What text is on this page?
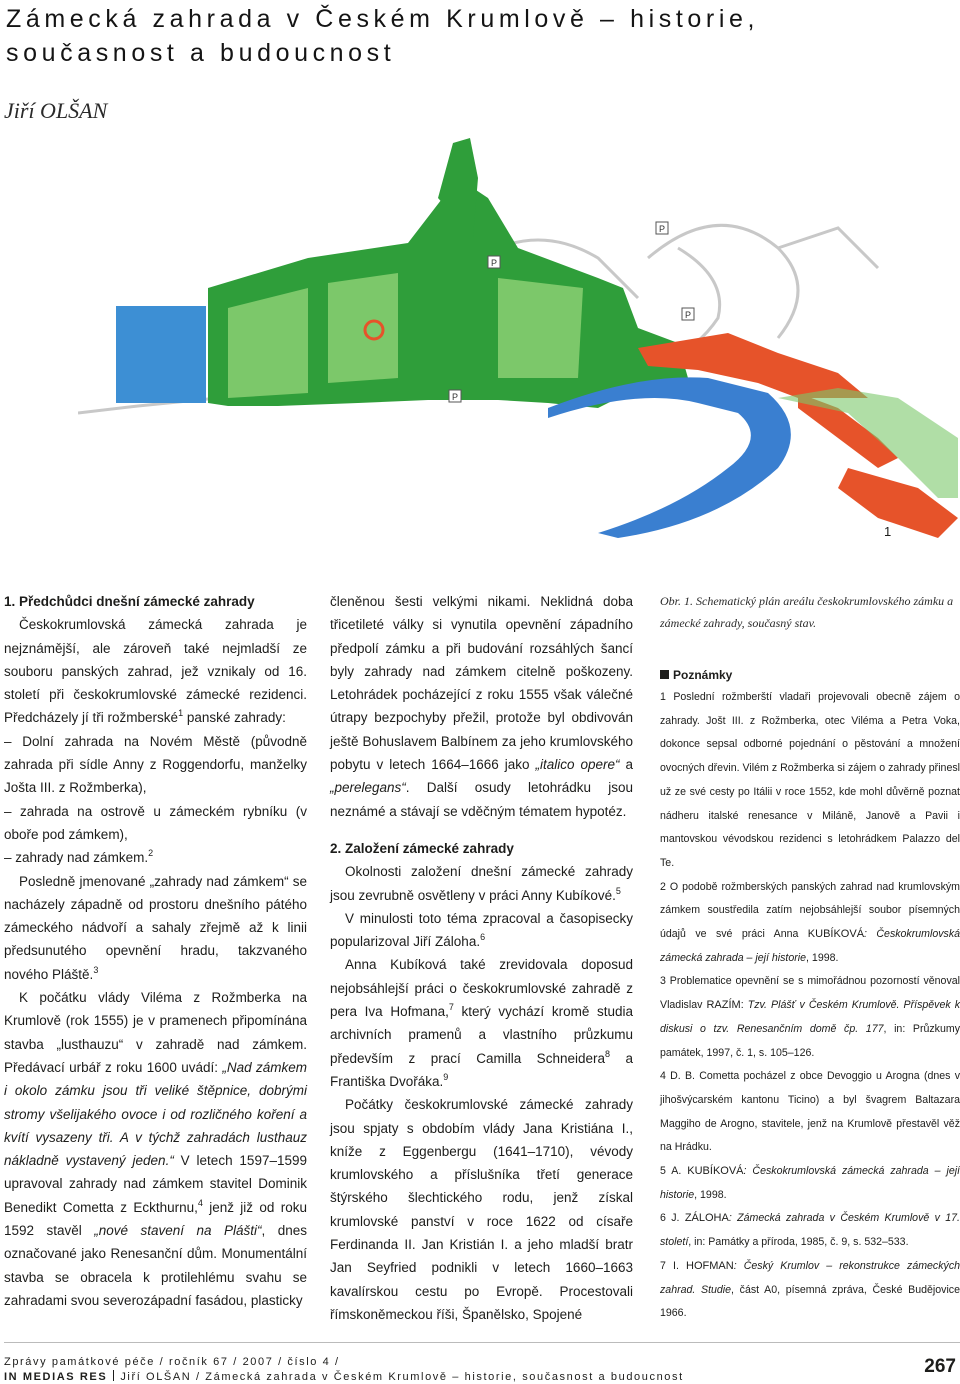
Zámecká zahrada v Českém Krumlově – historie, současnost a budoucnost
Jiří OLŠAN
P
P
P
P
1
1. Předchůdci dnešní zámecké zahrady

Českokrumlovská zámecká zahrada je nejznámější, ale zároveň také nejmladší ze souboru panských zahrad, jež vznikaly od 16. století při českokrumlovské zámecké rezidenci. Předcházely jí tři rožmberské$^1$ panské zahrady:

– Dolní zahrada na Novém Městě (původně zahrada při sídle Anny z Roggendorfu, manželky Jošta III. z Rožmberka),

– zahrada na ostrově u zámeckém rybníku (v oboře pod zámkem),

– zahrady nad zámkem.$^2$

Posledně jmenované „zahrady nad zámkem“ se nacházely západně od prostoru dnešního pátého zámeckého nádvoří a sahaly zřejmě až k linii předsunutého opevnění hradu, takzvaného nového Pláště.$^3$

K počátku vlády Viléma z Rožmberka na Krumlově (rok 1555) je v pramenech připomínána stavba „lusthauzu“ v zahradě nad zámkem. Předávací urbář z roku 1600 uvádí: „Nad zámkem i okolo zámku jsou tři veliké štěpnice, dobrými stromy všelijakého ovoce i od rozličného koření a kvítí vysazeny tři. A v týchž zahradách lusthauz nákladně vystavený jeden.“ V letech 1597–1599 upravoval zahrady nad zámkem stavitel Dominik Benedikt Cometta z Eckthurnu,$^4$ jenž již od roku 1592 stavěl „nové stavení na Plášti“, dnes označované jako Renesanční dům. Monumentální stavba se obracela k protilehlému svahu se zahradami svou severozápadní fasádou, plasticky

členěnou šesti velkými nikami. Neklidná doba třicetileté války si vynutila opevnění západního předpolí zámku a při budování rozsáhlých šancí byly zahrady nad zámkem citelně poškozeny. Letohrádek pocházející z roku 1555 však válečné útrapy bezpochyby přežil, protože byl obdivován ještě Bohuslavem Balbínem za jeho krumlovského pobytu v letech 1664–1666 jako „italico opere“ a „perelegans“. Další osudy letohrádku jsou neznámé a stávají se vděčným tématem hypotéz.

2. Založení zámecké zahrady

Okolnosti založení dnešní zámecké zahrady jsou zevrubně osvětleny v práci Anny Kubíkové.$^5$

V minulosti toto téma zpracoval a časopisecky popularizoval Jiří Záloha.$^6$

Anna Kubíková také zrevidovala doposud nejobsáhlejší práci o českokrumlovské zahradě z pera Iva Hofmana,$^7$ který vychází kromě studia archivních pramenů a vlastního průzkumu především z prací Camilla Schneidera$^8$ a Františka Dvořáka.$^9$

Počátky českokrumlovské zámecké zahrady jsou spjaty s obdobím vlády Jana Kristiána I., kníže z Eggenbergu (1641–1710), vévody krumlovského a příslušníka třetí generace štýrského šlechtického rodu, jenž získal krumlovské panství v roce 1622 od císaře Ferdinanda II. Jan Kristián I. a jeho mladší bratr Jan Seyfried podnikli v letech 1660–1663 kavalírskou cestu po Evropě. Procestovali římskoněmeckou říši, Španělsko, Spojené

Obr. 1. Schematický plán areálu českokrumlovského zámku a zámecké zahrady, současný stav.
Poznámky

1 Poslední rožmberští vladaři projevovali obecně zájem o zahrady. Jošt III. z Rožmberka, otec Viléma a Petra Voka, dokonce sepsal odborné pojednání o pěstování a množení ovocných dřevin. Vilém z Rožmberka si zájem o zahrady přinesl už ze své cesty po Itálii v roce 1552, kde mohl důvěrně poznat nádheru italské renesance v Miláně, Janově a Pavii i mantovskou vévodskou rezidenci s letohrádkem Palazzo del Te.

2 O podobě rožmberských panských zahrad nad krumlovským zámkem soustředila zatím nejobsáhlejší soubor písemných údajů ve své práci Anna KUBÍKOVÁ: Českokrumlovská zámecká zahrada – její historie, 1998.

3 Problematice opevnění se s mimořádnou pozorností věnoval Vladislav RAZÍM: Tzv. Plášť v Českém Krumlově. Příspěvek k diskusi o tzv. Renesančním domě čp. 177, in: Průzkumy památek, 1997, č. 1, s. 105–126.

4 D. B. Cometta pocházel z obce Devoggio u Arogna (dnes v jihošvýcarském kantonu Ticino) a byl švagrem Baltazara Maggiho de Arogno, stavitele, jenž na Krumlově přestavěl věž na Hrádku.

5 A. KUBÍKOVÁ: Českokrumlovská zámecká zahrada – její historie, 1998.

6 J. ZÁLOHA: Zámecká zahrada v Českém Krumlově v 17. století, in: Památky a příroda, 1985, č. 9, s. 532–533.

7 I. HOFMAN: Český Krumlov – rekonstrukce zámeckých zahrad. Studie, část A0, písemná zpráva, České Budějovice 1966.

Zprávy památkové péče / ročník 67 / 2007 / číslo 4 /
IN MEDIAS RES Jiří OLŠAN / Zámecká zahrada v Českém Krumlově – historie, současnost a budoucnost	267
